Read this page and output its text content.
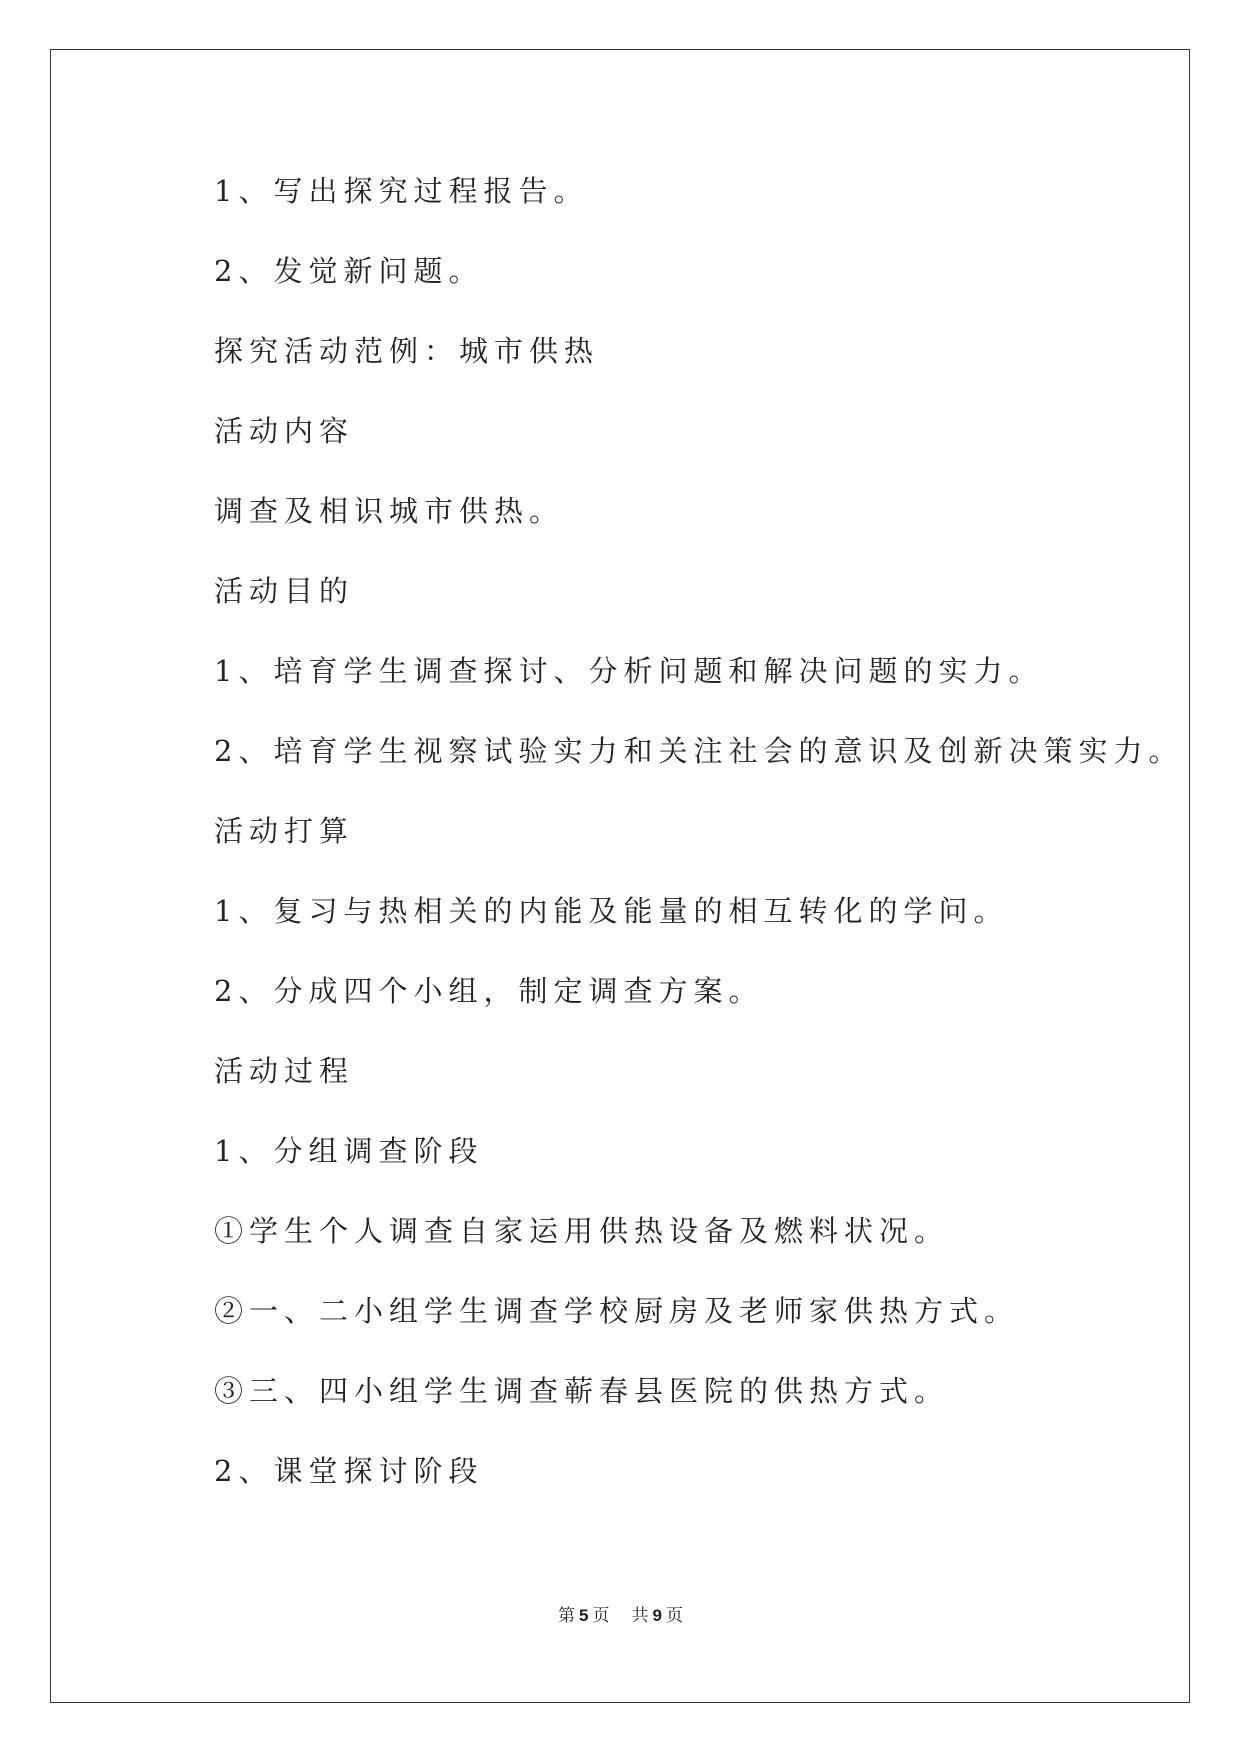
1、写出探究过程报告。
2、发觉新问题。
探究活动范例：城市供热
活动内容
调查及相识城市供热。
活动目的
1、培育学生调查探讨、分析问题和解决问题的实力。
2、培育学生视察试验实力和关注社会的意识及创新决策实力。
活动打算
1、复习与热相关的内能及能量的相互转化的学问。
2、分成四个小组，制定调查方案。
活动过程
1、分组调查阶段
①学生个人调查自家运用供热设备及燃料状况。
②一、二小组学生调查学校厨房及老师家供热方式。
③三、四小组学生调查蕲春县医院的供热方式。
2、课堂探讨阶段
第 5 页 共 9 页
